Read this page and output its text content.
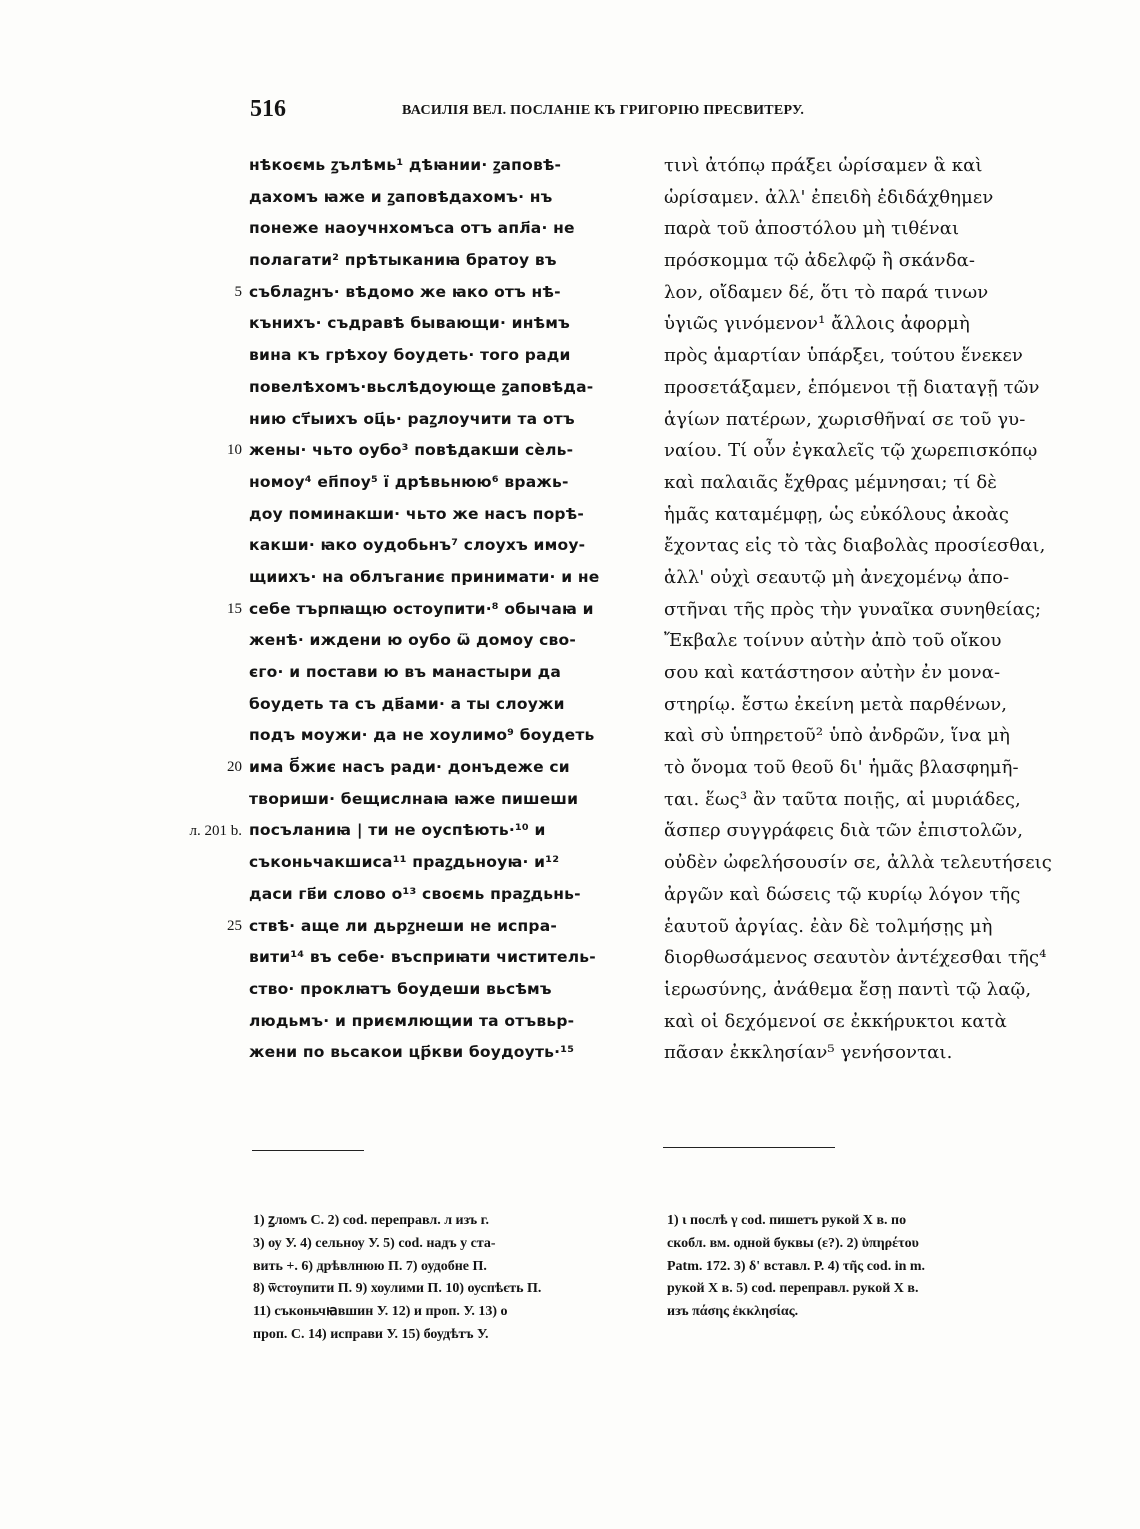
516	ВАСИЛІЯ ВЕЛ. ПОСЛАНІЕ КЪ ГРИГОРІЮ ПРЕСВИТЕРУ.
5
10
15
20
л. 201 b.
25
нѣкоємь ꙁълѣмь¹ дѣꙗнии· ꙁаповѣ-
дахомъ ꙗже и ꙁаповѣдахомъ· нъ
понеже наоучнхомъса отъ апл҃а· не
полагати² прѣтыканиꙗ братоу въ
съблаꙁнъ· вѣдомо же ꙗко отъ нѣ-
кънихъ· съдравѣ бывающи· инѣмъ
вина къ грѣхоу боудеть· того ради
повелѣхомъ·вьслѣдоующе ꙁаповѣда-
нию ст҃ыихъ оц҃ь· раꙁлоучити та отъ
жены· чьто оубо³ повѣдакши сѐль-
номоу⁴ еп҃поу⁵ ї дрѣвьнюю⁶ вражь-
доу поминакши· чьто же насъ порѣ-
какши· ꙗко оудобьнъ⁷ слоухъ имоу-
щиихъ· на облъганиє принимати· и не
себе търпꙗщю остоупити·⁸ обычаꙗ и
женѣ· иждени ю оубо ѿ домоу сво-
єго· и постави ю въ манастыри да
боудеть та съ дв҃ами· а ты слоужи
подъ моужи· да не хоулимо⁹ боудеть
има б҃жиє насъ ради· донъдеже си
твориши· бещислнаꙗ ꙗже пишеши
посъланиꙗ | ти не оуспѣють·¹⁰ и
съконьчакшиса¹¹ праꙁдьноуꙗ· и¹²
даси гв҃и слово о¹³ своємь праꙁдьнь-
ствѣ· аще ли дьрꙁнеши не испра-
вити¹⁴ въ себе· въсприꙗти чиститель-
ство· проклꙗтъ боудеши вьсѣмъ
людьмъ· и приємлющии та отъвьр-
жени по вьсакои цр҃кви боудоуть·¹⁵
τινὶ ἀτόπῳ πράξει ὡρίσαμεν ἃ καὶ
ὡρίσαμεν. ἀλλ' ἐπειδὴ ἐδιδάχθημεν
παρὰ τοῦ ἀποστόλου μὴ τιθέναι
πρόσκομμα τῷ ἀδελφῷ ἢ σκάνδα-
λον, οἴδαμεν δέ, ὅτι τὸ παρά τινων
ὑγιῶς γινόμενον¹ ἄλλοις ἀφορμὴ
πρὸς ἁμαρτίαν ὑπάρξει, τούτου ἕνεκεν
προσετάξαμεν, ἑπόμενοι τῇ διαταγῇ τῶν
ἁγίων πατέρων, χωρισθῆναί σε τοῦ γυ-
ναίου. Τί οὖν ἐγκαλεῖς τῷ χωρεπισκόπῳ
καὶ παλαιᾶς ἔχθρας μέμνησαι; τί δὲ
ἡμᾶς καταμέμφῃ, ὡς εὐκόλους ἀκοὰς
ἔχοντας εἰς τὸ τὰς διαβολὰς προσίεσθαι,
ἀλλ' οὐχὶ σεαυτῷ μὴ ἀνεχομένῳ ἀπο-
στῆναι τῆς πρὸς τὴν γυναῖκα συνηθείας;
Ἔκβαλε τοίνυν αὐτὴν ἀπὸ τοῦ οἴκου
σου καὶ κατάστησον αὐτὴν ἐν μονα-
στηρίῳ. ἔστω ἐκείνη μετὰ παρθένων,
καὶ σὺ ὑπηρετοῦ² ὑπὸ ἀνδρῶν, ἵνα μὴ
τὸ ὄνομα τοῦ θεοῦ δι' ἡμᾶς βλασφημῆ-
ται. ἕως³ ἂν ταῦτα ποιῇς, αἱ μυριάδες,
ἅσπερ συγγράφεις διὰ τῶν ἐπιστολῶν,
οὐδὲν ὠφελήσουσίν σε, ἀλλὰ τελευτήσεις
ἀργῶν καὶ δώσεις τῷ κυρίῳ λόγον τῆς
ἑαυτοῦ ἀργίας. ἐὰν δὲ τολμήσῃς μὴ
διορθωσάμενος σεαυτὸν ἀντέχεσθαι τῆς⁴
ἱερωσύνης, ἀνάθεμα ἔσῃ παντὶ τῷ λαῷ,
καὶ οἱ δεχόμενοί σε ἐκκήρυκτοι κατὰ
πᾶσαν ἐκκλησίαν⁵ γενήσονται.
1) ꙁломъ С. 2) cod. переправл. л изъ г.
3) оу У. 4) сельноу У. 5) cod. надъ у ста-
вить +. 6) дрѣвлнюю П. 7) оудобне П.
8) ѿстоупити П. 9) хоулими П. 10) оуспѣєть П.
11) съконьчꙗвшин У. 12) и проп. У. 13) о
проп. С. 14) исправи У. 15) боудѣтъ У.
1) ι послѣ γ cod. пишетъ рукой X в. по
скобл. вм. одной буквы (ε?). 2) ὑπηρέτου
Patm. 172. 3) δ' вставл. Р. 4) τῆς cod. in m.
рукой X в. 5) cod. переправл. рукой X в.
изъ πάσης ἐκκλησίας.
